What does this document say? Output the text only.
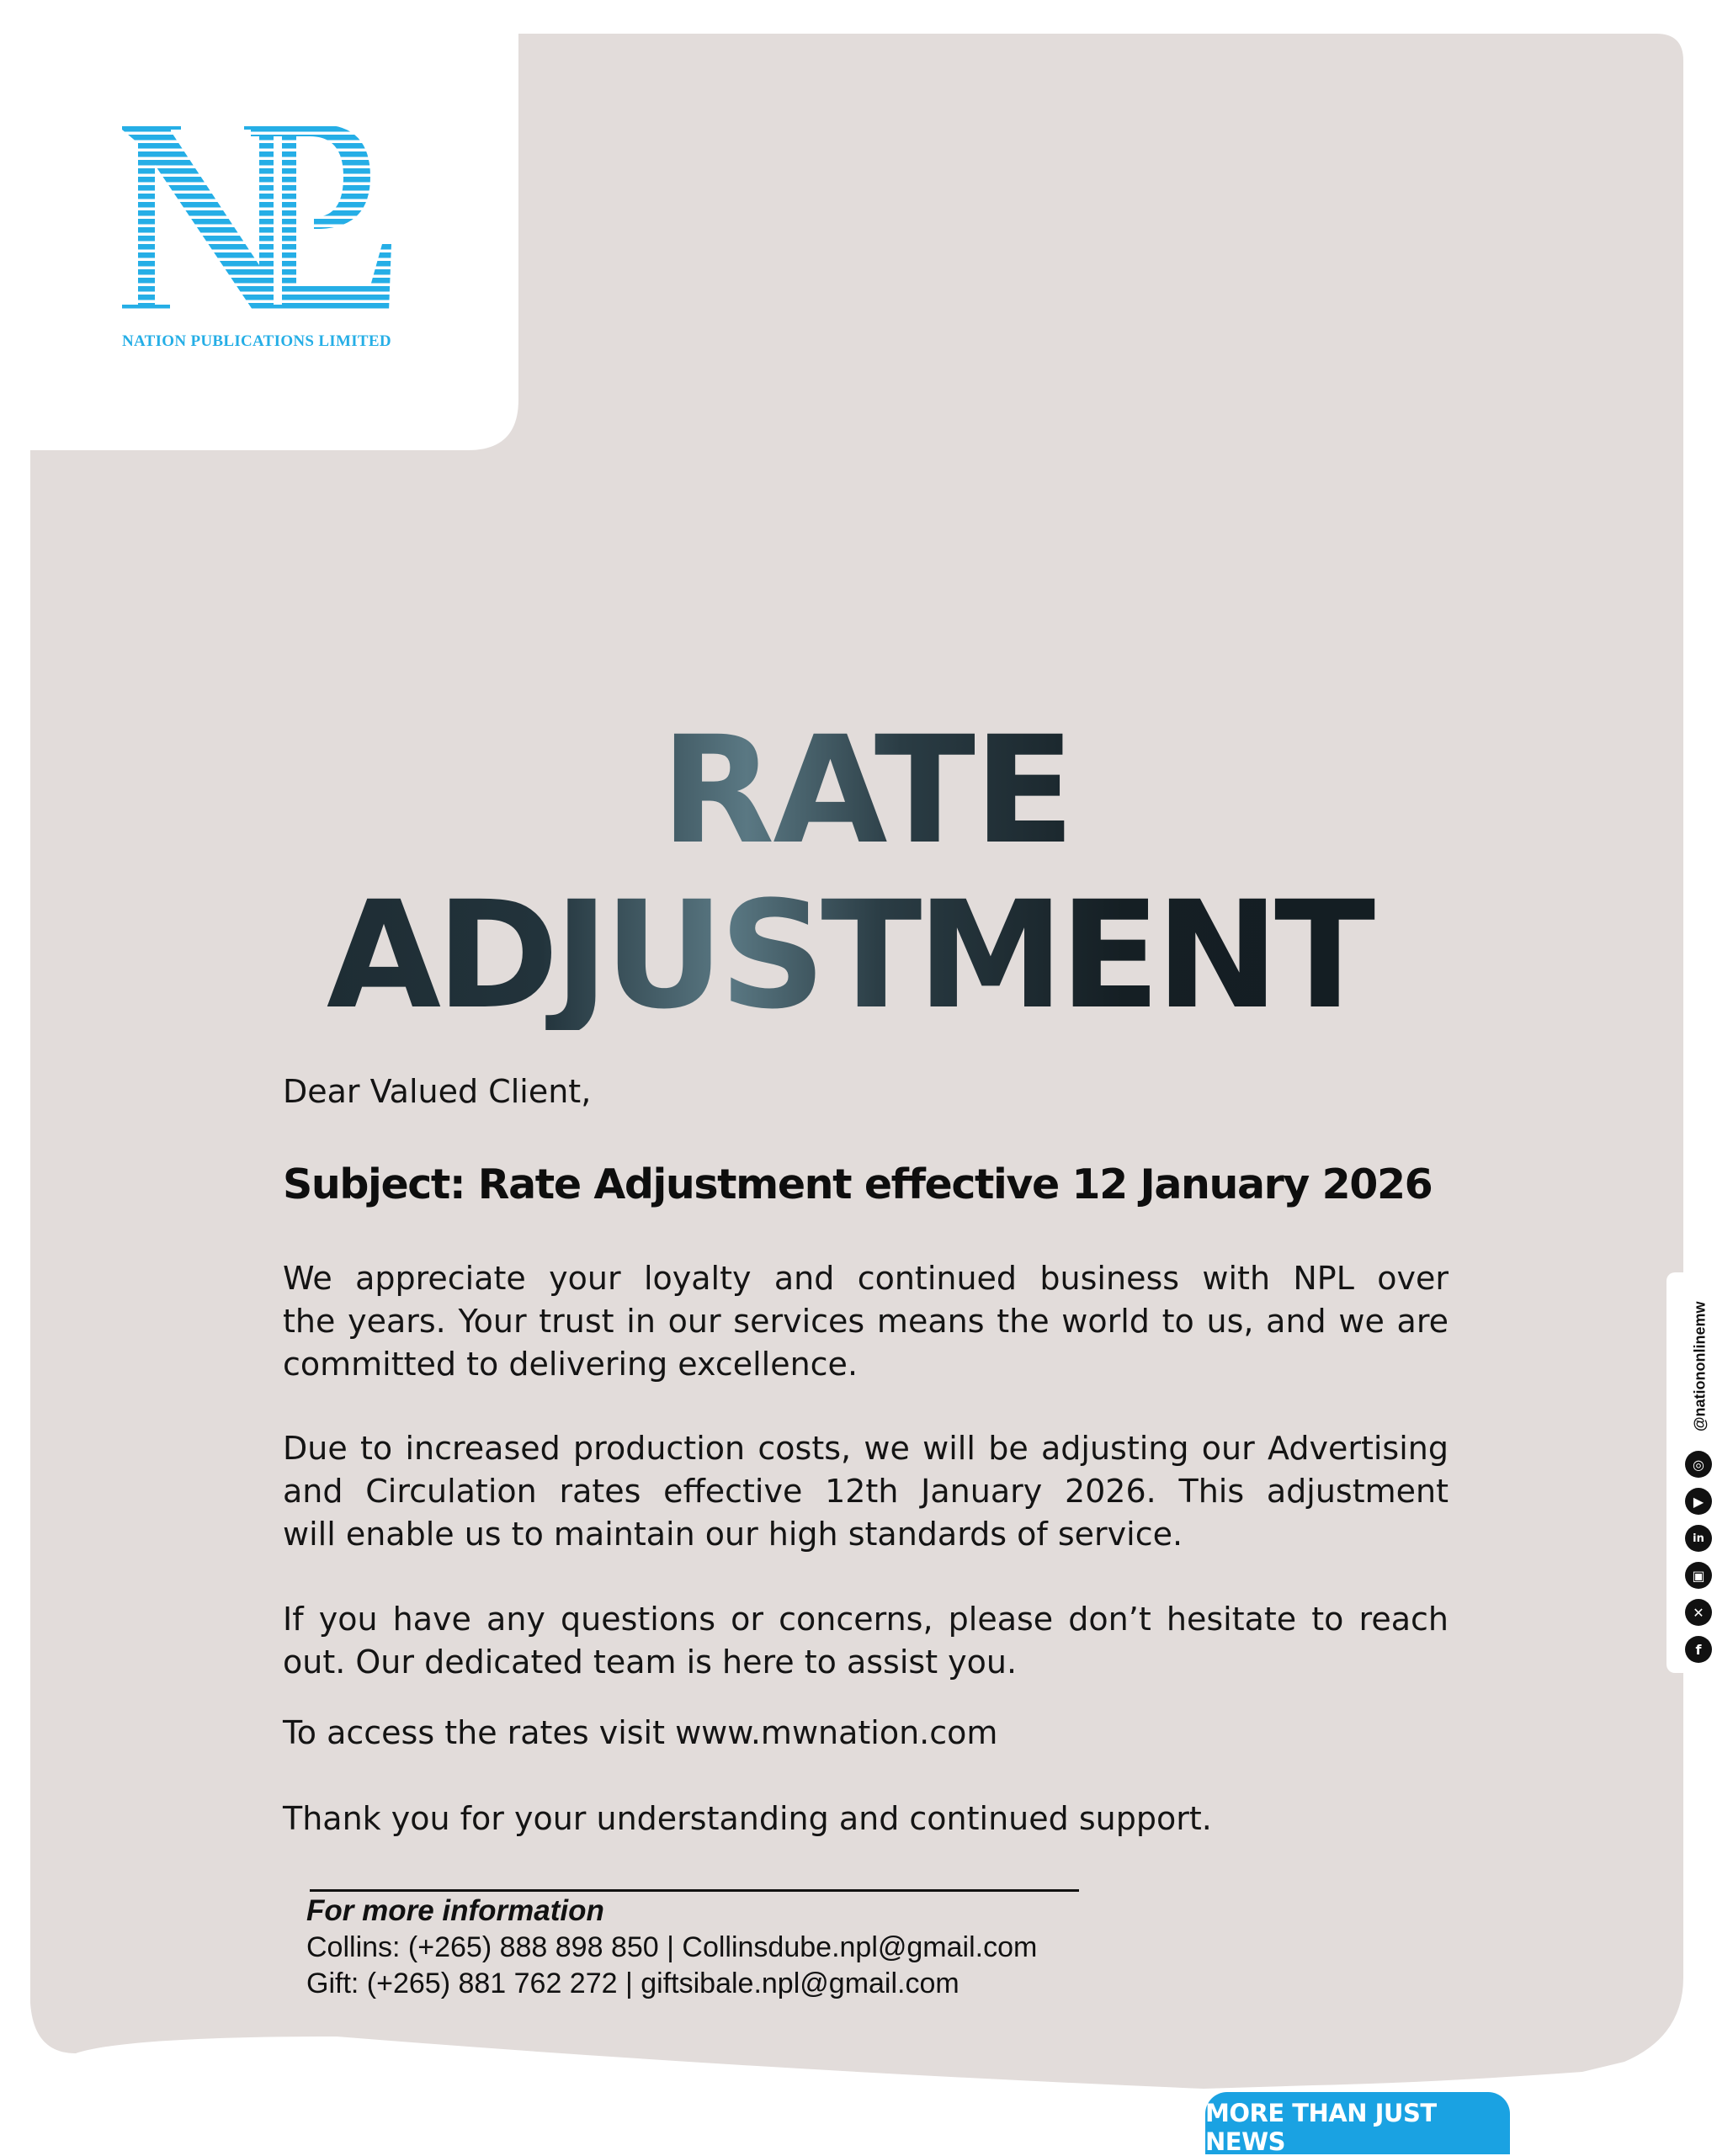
NATION PUBLICATIONS LIMITED
RATE
ADJUSTMENT

Dear Valued Client,

Subject: Rate Adjustment effective 12 January 2026

We appreciate your loyalty and continued business with NPL over
the years. Your trust in our services means the world to us, and we are
committed to delivering excellence.
Due to increased production costs, we will be adjusting our Advertising
and Circulation rates effective 12th January 2026. This adjustment
will enable us to maintain our high standards of service.
If you have any questions or concerns, please don’t hesitate to reach
out. Our dedicated team is here to assist you.

To access the rates visit www.mwnation.com

Thank you for your understanding and continued support.

For more information

Collins: (+265) 888 898 850 | Collinsdube.npl@gmail.com

Gift: (+265) 881 762 272 | giftsibale.npl@gmail.com

@nationonlinemw
◎
▶
in
▣
✕
f
MORE THAN JUST NEWS
